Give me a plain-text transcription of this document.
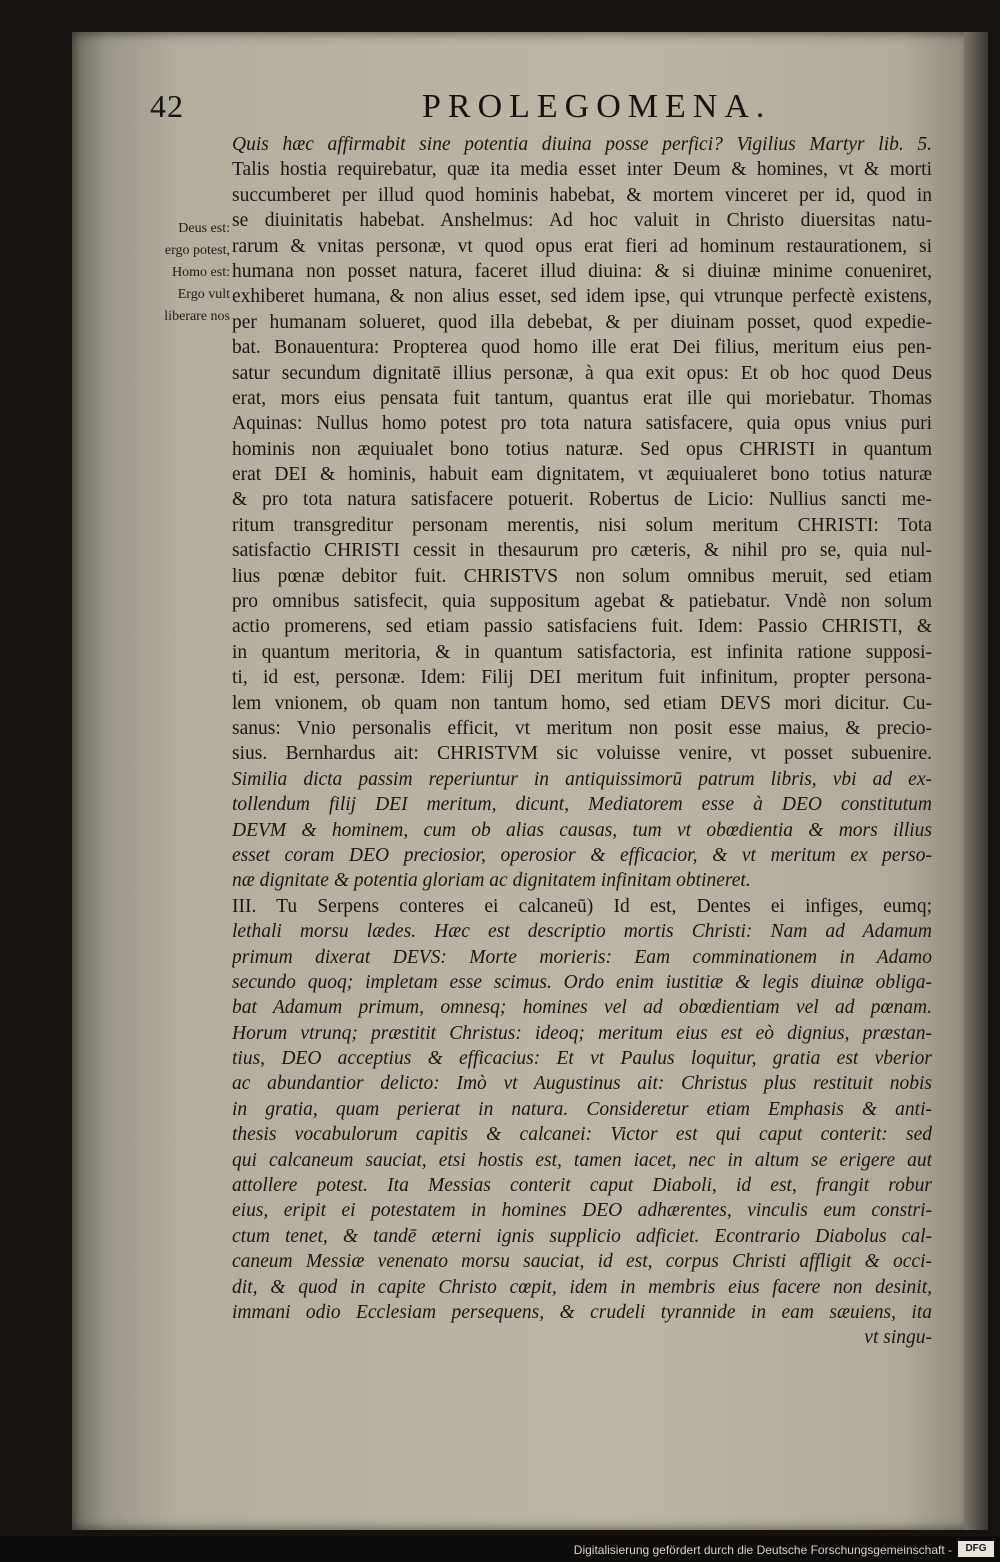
42	PROLEGOMENA.
Deus est:
ergo potest,
Homo est:
Ergo vult
liberare nos
Quis hæc affirmabit sine potentia diuina posse perfici? Vigilius Martyr lib. 5.
Talis hostia requirebatur, quæ ita media esset inter Deum & homines, vt & morti
succumberet per illud quod hominis habebat, & mortem vinceret per id, quod in
se diuinitatis habebat. Anshelmus: Ad hoc valuit in Christo diuersitas natu-
rarum & vnitas personæ, vt quod opus erat fieri ad hominum restaurationem, si
humana non posset natura, faceret illud diuina: & si diuinæ minime conueniret,
exhiberet humana, & non alius esset, sed idem ipse, qui vtrunque perfectè existens,
per humanam solueret, quod illa debebat, & per diuinam posset, quod expedie-
bat. Bonauentura: Propterea quod homo ille erat Dei filius, meritum eius pen-
satur secundum dignitatē illius personæ, à qua exit opus: Et ob hoc quod Deus
erat, mors eius pensata fuit tantum, quantus erat ille qui moriebatur. Thomas
Aquinas: Nullus homo potest pro tota natura satisfacere, quia opus vnius puri
hominis non æquiualet bono totius naturæ. Sed opus CHRISTI in quantum
erat DEI & hominis, habuit eam dignitatem, vt æquiualeret bono totius naturæ
& pro tota natura satisfacere potuerit. Robertus de Licio: Nullius sancti me-
ritum transgreditur personam merentis, nisi solum meritum CHRISTI: Tota
satisfactio CHRISTI cessit in thesaurum pro cæteris, & nihil pro se, quia nul-
lius pœnæ debitor fuit. CHRISTVS non solum omnibus meruit, sed etiam
pro omnibus satisfecit, quia suppositum agebat & patiebatur. Vndè non solum
actio promerens, sed etiam passio satisfaciens fuit. Idem: Passio CHRISTI, &
in quantum meritoria, & in quantum satisfactoria, est infinita ratione supposi-
ti, id est, personæ. Idem: Filij DEI meritum fuit infinitum, propter persona-
lem vnionem, ob quam non tantum homo, sed etiam DEVS mori dicitur. Cu-
sanus: Vnio personalis efficit, vt meritum non posit esse maius, & precio-
sius. Bernhardus ait: CHRISTVM sic voluisse venire, vt posset subuenire.
Similia dicta passim reperiuntur in antiquissimorū patrum libris, vbi ad ex-
tollendum filij DEI meritum, dicunt, Mediatorem esse à DEO constitutum
DEVM & hominem, cum ob alias causas, tum vt obœdientia & mors illius
esset coram DEO preciosior, operosior & efficacior, & vt meritum ex perso-
næ dignitate & potentia gloriam ac dignitatem infinitam obtineret.
III. Tu Serpens conteres ei calcaneū) Id est, Dentes ei infiges, eumq;
lethali morsu lædes. Hæc est descriptio mortis Christi: Nam ad Adamum
primum dixerat DEVS: Morte morieris: Eam comminationem in Adamo
secundo quoq; impletam esse scimus. Ordo enim iustitiæ & legis diuinæ obliga-
bat Adamum primum, omnesq; homines vel ad obœdientiam vel ad pœnam.
Horum vtrunq; præstitit Christus: ideoq; meritum eius est eò dignius, præstan-
tius, DEO acceptius & efficacius: Et vt Paulus loquitur, gratia est vberior
ac abundantior delicto: Imò vt Augustinus ait: Christus plus restituit nobis
in gratia, quam perierat in natura. Consideretur etiam Emphasis & anti-
thesis vocabulorum capitis & calcanei: Victor est qui caput conterit: sed
qui calcaneum sauciat, etsi hostis est, tamen iacet, nec in altum se erigere aut
attollere potest. Ita Messias conterit caput Diaboli, id est, frangit robur
eius, eripit ei potestatem in homines DEO adhærentes, vinculis eum constri-
ctum tenet, & tandē æterni ignis supplicio adficiet. Econtrario Diabolus cal-
caneum Messiæ venenato morsu sauciat, id est, corpus Christi affligit & occi-
dit, & quod in capite Christo cœpit, idem in membris eius facere non desinit,
immani odio Ecclesiam persequens, & crudeli tyrannide in eam sæuiens, ita
vt singu-
Digitalisierung gefördert durch die Deutsche Forschungsgemeinschaft -	DFG
